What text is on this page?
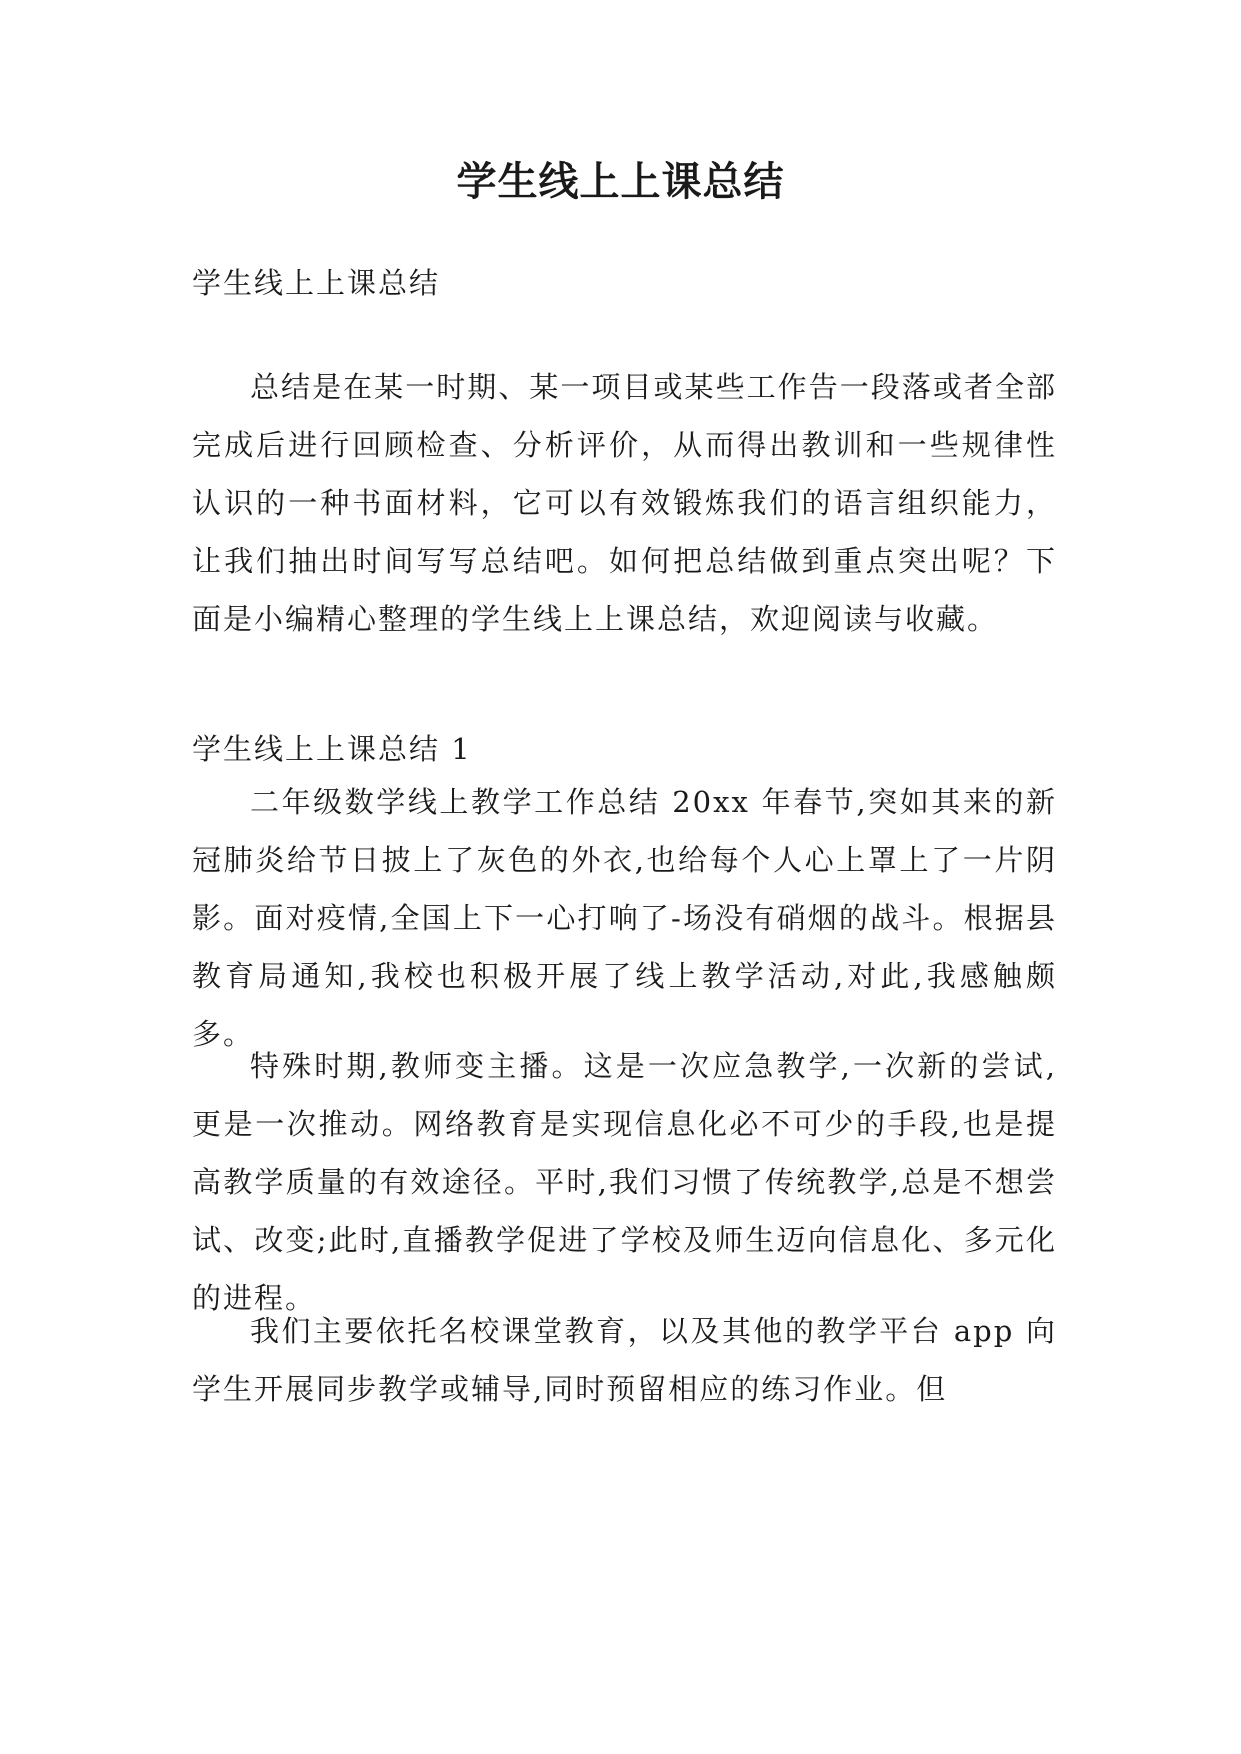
学生线上上课总结

学生线上上课总结

总结是在某一时期、某一项目或某些工作告一段落或者全部完成后进行回顾检查、分析评价，从而得出教训和一些规律性认识的一种书面材料，它可以有效锻炼我们的语言组织能力，让我们抽出时间写写总结吧。如何把总结做到重点突出呢？下面是小编精心整理的学生线上上课总结，欢迎阅读与收藏。

学生线上上课总结 1

二年级数学线上教学工作总结 20xx 年春节,突如其来的新冠肺炎给节日披上了灰色的外衣,也给每个人心上罩上了一片阴影。面对疫情,全国上下一心打响了-场没有硝烟的战斗。根据县教育局通知,我校也积极开展了线上教学活动,对此,我感触颇多。

特殊时期,教师变主播。这是一次应急教学,一次新的尝试,更是一次推动。网络教育是实现信息化必不可少的手段,也是提高教学质量的有效途径。平时,我们习惯了传统教学,总是不想尝试、改变;此时,直播教学促进了学校及师生迈向信息化、多元化的进程。

我们主要依托名校课堂教育，以及其他的教学平台 app 向学生开展同步教学或辅导,同时预留相应的练习作业。但
